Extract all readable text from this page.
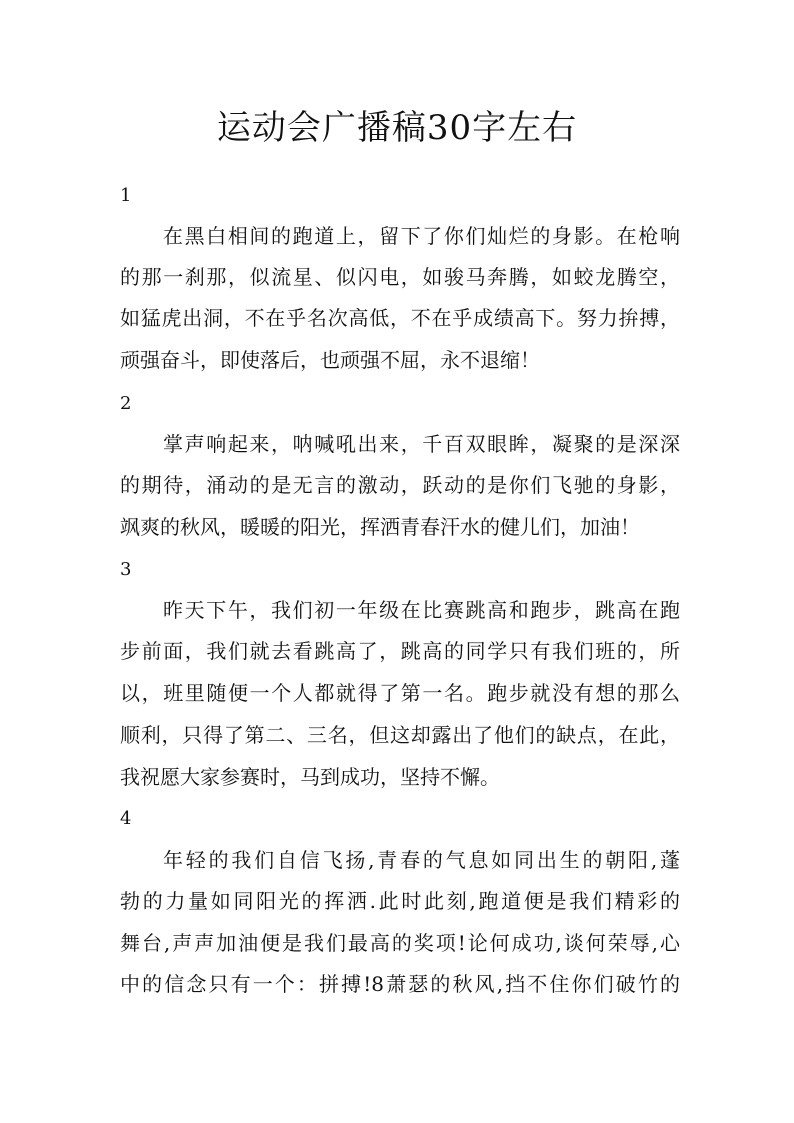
运动会广播稿30字左右
1
在黑白相间的跑道上，留下了你们灿烂的身影。在枪响
的那一刹那，似流星、似闪电，如骏马奔腾，如蛟龙腾空，
如猛虎出洞，不在乎名次高低，不在乎成绩高下。努力拚搏，
顽强奋斗，即使落后，也顽强不屈，永不退缩！
2
掌声响起来，呐喊吼出来，千百双眼眸，凝聚的是深深
的期待，涌动的是无言的激动，跃动的是你们飞驰的身影，
飒爽的秋风，暖暖的阳光，挥洒青春汗水的健儿们，加油！
3
昨天下午，我们初一年级在比赛跳高和跑步，跳高在跑
步前面，我们就去看跳高了，跳高的同学只有我们班的，所
以，班里随便一个人都就得了第一名。跑步就没有想的那么
顺利，只得了第二、三名，但这却露出了他们的缺点，在此，
我祝愿大家参赛时，马到成功，坚持不懈。
4
年轻的我们自信飞扬,青春的气息如同出生的朝阳,蓬
勃的力量如同阳光的挥洒.此时此刻,跑道便是我们精彩的
舞台,声声加油便是我们最高的奖项!论何成功,谈何荣辱,心
中的信念只有一个：拼搏!8萧瑟的秋风,挡不住你们破竹的
